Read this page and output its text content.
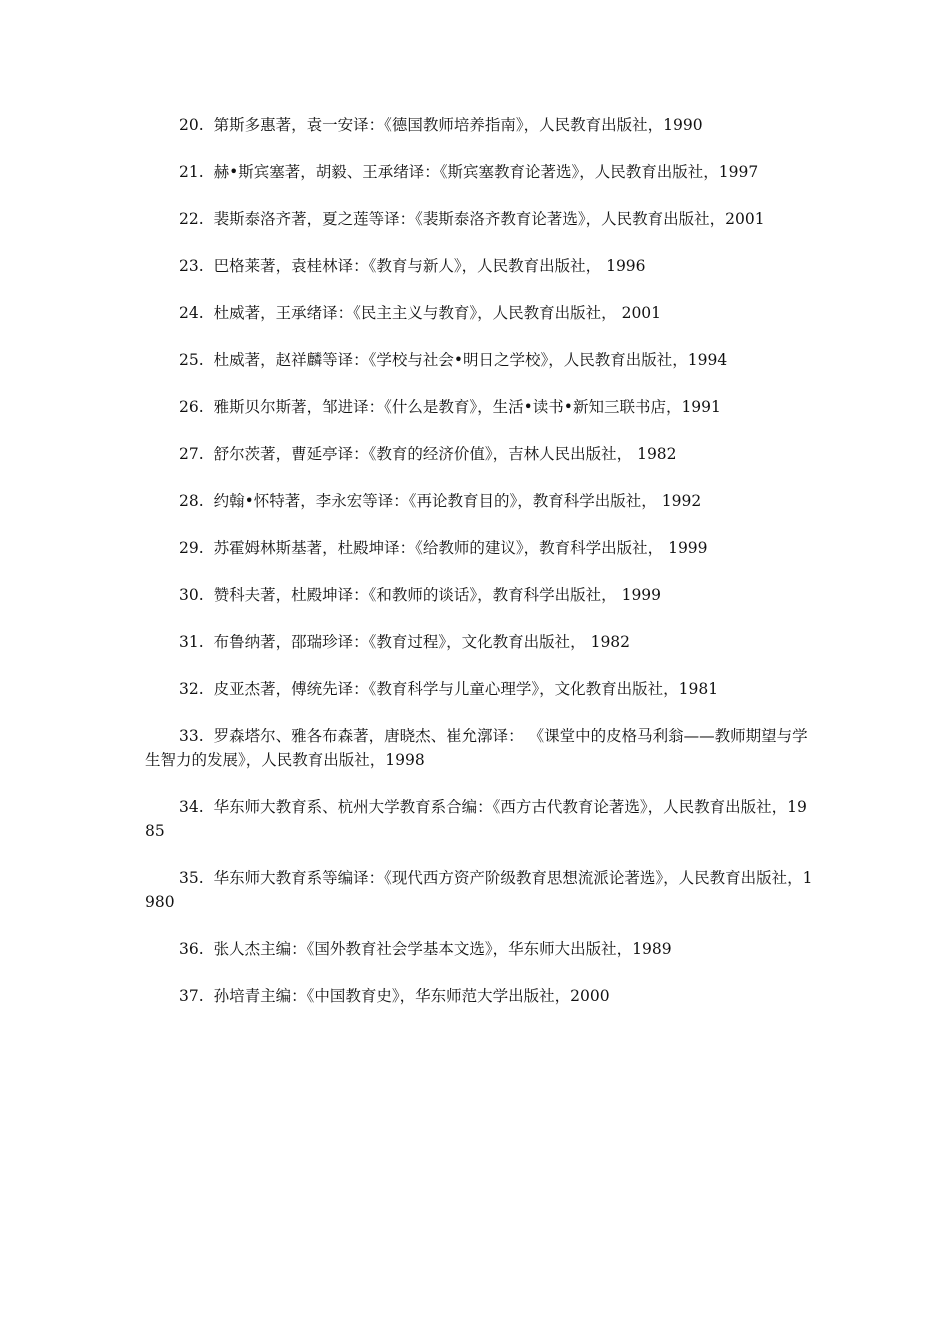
20. 第斯多惠著，袁一安译：《德国教师培养指南》，人民教育出版社，1990

21. 赫•斯宾塞著，胡毅、王承绪译：《斯宾塞教育论著选》，人民教育出版社，1997

22. 裴斯泰洛齐著，夏之莲等译：《裴斯泰洛齐教育论著选》，人民教育出版社，2001

23. 巴格莱著，袁桂林译：《教育与新人》，人民教育出版社， 1996

24. 杜威著，王承绪译：《民主主义与教育》，人民教育出版社， 2001

25. 杜威著，赵祥麟等译：《学校与社会•明日之学校》，人民教育出版社，1994

26. 雅斯贝尔斯著，邹进译：《什么是教育》，生活•读书•新知三联书店，1991

27. 舒尔茨著，曹延亭译：《教育的经济价值》，吉林人民出版社， 1982

28. 约翰•怀特著，李永宏等译：《再论教育目的》，教育科学出版社， 1992

29. 苏霍姆林斯基著，杜殿坤译：《给教师的建议》，教育科学出版社， 1999

30. 赞科夫著，杜殿坤译：《和教师的谈话》，教育科学出版社， 1999

31. 布鲁纳著，邵瑞珍译：《教育过程》，文化教育出版社， 1982

32. 皮亚杰著，傅统先译：《教育科学与儿童心理学》，文化教育出版社，1981

33. 罗森塔尔、雅各布森著，唐晓杰、崔允漷译： 《课堂中的皮格马利翁——教师期望与学生智力的发展》，人民教育出版社，1998

34. 华东师大教育系、杭州大学教育系合编：《西方古代教育论著选》，人民教育出版社，1985

35. 华东师大教育系等编译：《现代西方资产阶级教育思想流派论著选》，人民教育出版社，1980

36. 张人杰主编：《国外教育社会学基本文选》，华东师大出版社，1989

37. 孙培青主编：《中国教育史》，华东师范大学出版社，2000
